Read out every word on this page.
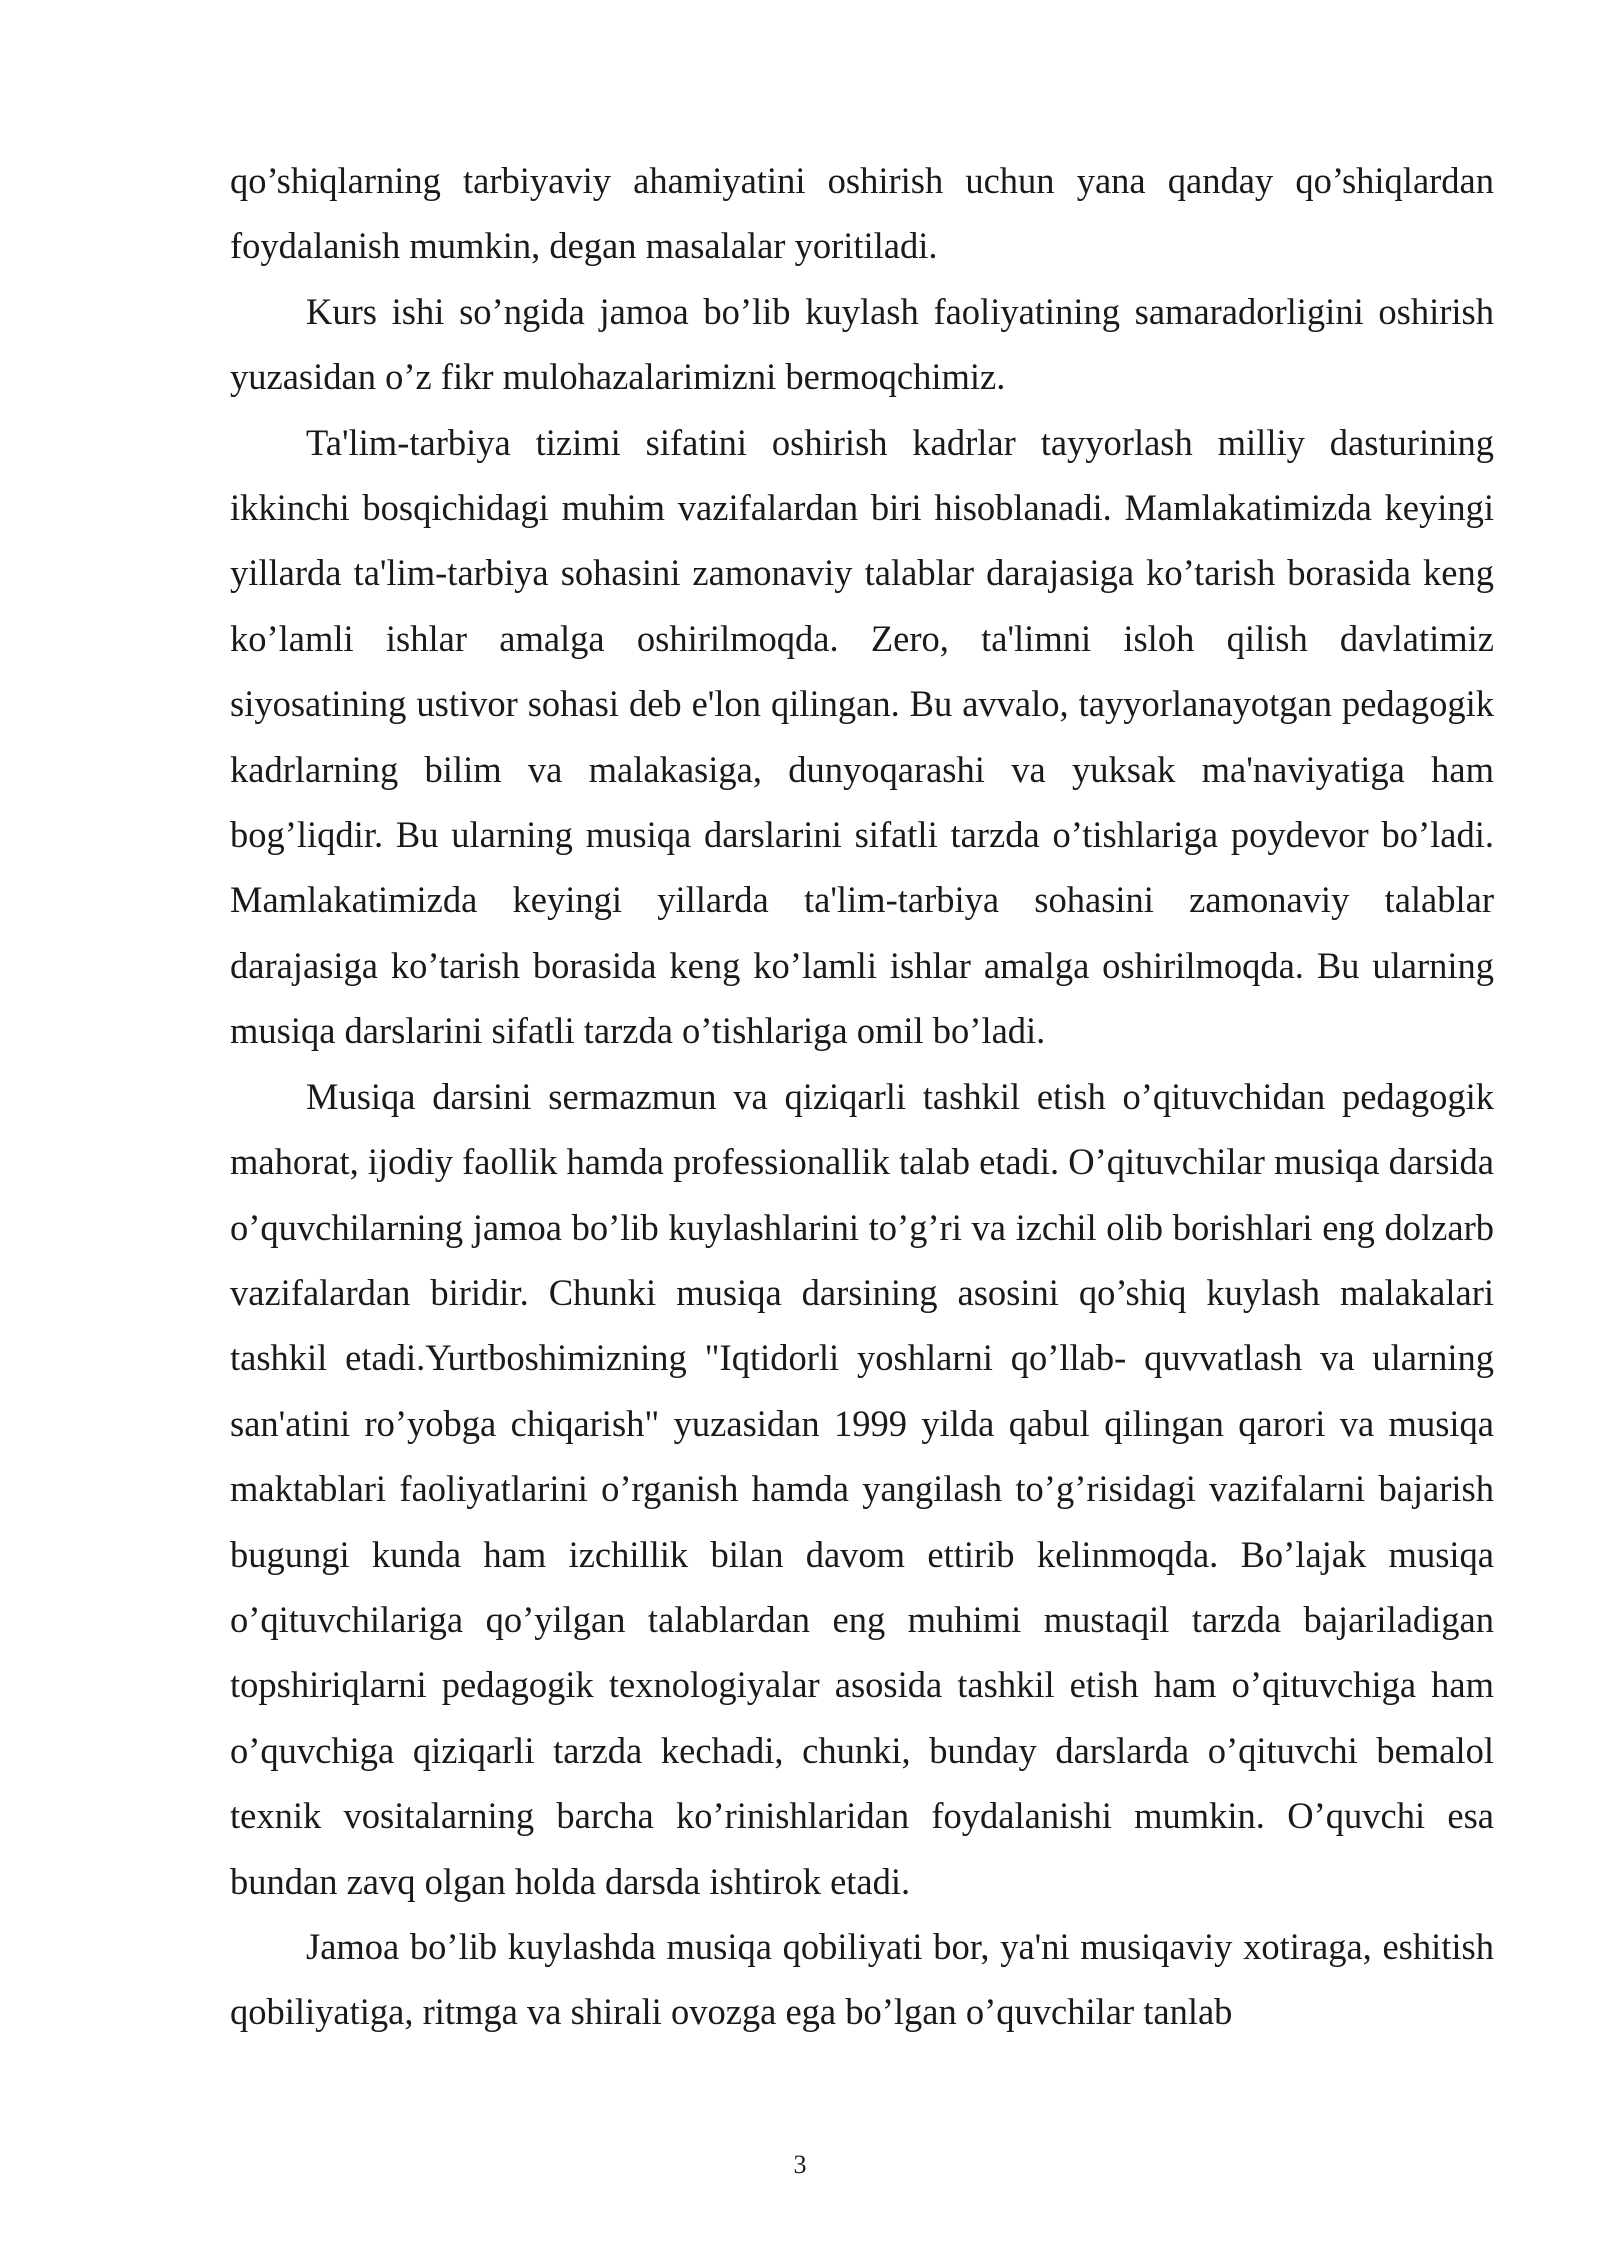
qo’shiqlarning tarbiyaviy ahamiyatini oshirish uchun yana qanday qo’shiqlardan foydalanish mumkin, degan masalalar yoritiladi.

Kurs ishi so’ngida jamoa bo’lib kuylash faoliyatining samaradorligini oshirish yuzasidan o’z fikr mulohazalarimizni bermoqchimiz.

Ta'lim-tarbiya tizimi sifatini oshirish kadrlar tayyorlash milliy dasturining ikkinchi bosqichidagi muhim vazifalardan biri hisoblanadi. Mamlakatimizda keyingi yillarda ta'lim-tarbiya sohasini zamonaviy talablar darajasiga ko’tarish borasida keng ko’lamli ishlar amalga oshirilmoqda. Zero, ta'limni isloh qilish davlatimiz siyosatining ustivor sohasi deb e'lon qilingan. Bu avvalo, tayyorlanayotgan pedagogik kadrlarning bilim va malakasiga, dunyoqarashi va yuksak ma'naviyatiga ham bog’liqdir. Bu ularning musiqa darslarini sifatli tarzda o’tishlariga poydevor bo’ladi. Mamlakatimizda keyingi yillarda ta'lim-tarbiya sohasini zamonaviy talablar darajasiga ko’tarish borasida keng ko’lamli ishlar amalga oshirilmoqda. Bu ularning musiqa darslarini sifatli tarzda o’tishlariga omil bo’ladi.

Musiqa darsini sermazmun va qiziqarli tashkil etish o’qituvchidan pedagogik mahorat, ijodiy faollik hamda professionallik talab etadi. O’qituvchilar musiqa darsida o’quvchilarning jamoa bo’lib kuylashlarini to’g’ri va izchil olib borishlari eng dolzarb vazifalardan biridir. Chunki musiqa darsining asosini qo’shiq kuylash malakalari tashkil etadi.Yurtboshimizning "Iqtidorli yoshlarni qo’llab- quvvatlash va ularning san'atini ro’yobga chiqarish" yuzasidan 1999 yilda qabul qilingan qarori va musiqa maktablari faoliyatlarini o’rganish hamda yangilash to’g’risidagi vazifalarni bajarish bugungi kunda ham izchillik bilan davom ettirib kelinmoqda. Bo’lajak musiqa o’qituvchilariga qo’yilgan talablardan eng muhimi mustaqil tarzda bajariladigan topshiriqlarni pedagogik texnologiyalar asosida tashkil etish ham o’qituvchiga ham o’quvchiga qiziqarli tarzda kechadi, chunki, bunday darslarda o’qituvchi bemalol texnik vositalarning barcha ko’rinishlaridan foydalanishi mumkin. O’quvchi esa bundan zavq olgan holda darsda ishtirok etadi.

Jamoa bo’lib kuylashda musiqa qobiliyati bor, ya'ni musiqaviy xotiraga, eshitish qobiliyatiga, ritmga va shirali ovozga ega bo’lgan o’quvchilar tanlab

3
